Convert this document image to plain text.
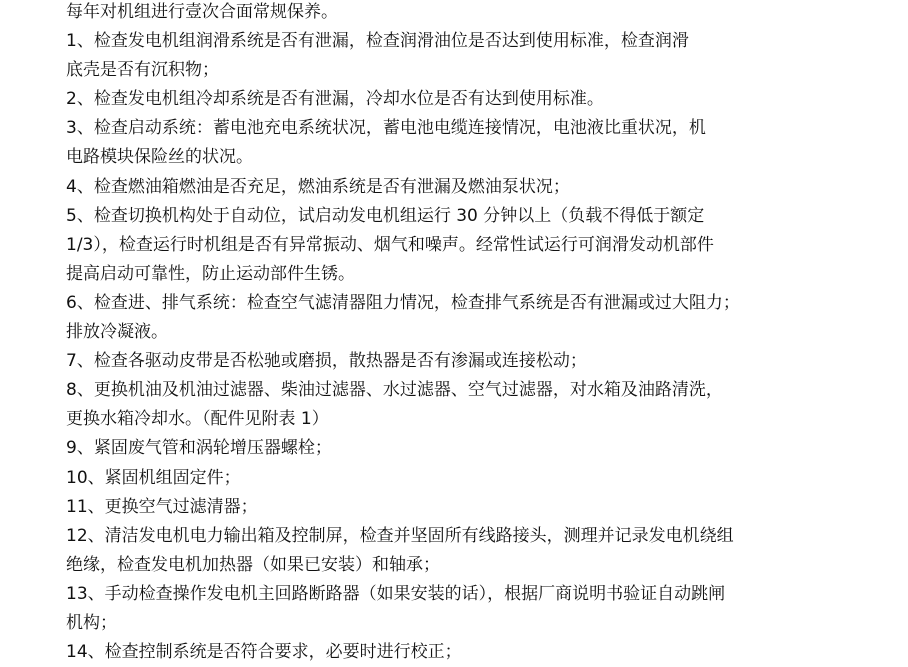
每年对机组进行壹次合面常规保养。
1、检查发电机组润滑系统是否有泄漏，检查润滑油位是否达到使用标准，检查润滑
底壳是否有沉积物；
2、检查发电机组冷却系统是否有泄漏，冷却水位是否有达到使用标准。
3、检查启动系统：蓄电池充电系统状况，蓄电池电缆连接情况，电池液比重状况，机
电路模块保险丝的状况。
4、检查燃油箱燃油是否充足，燃油系统是否有泄漏及燃油泵状况；
5、检查切换机构处于自动位，试启动发电机组运行 30 分钟以上（负载不得低于额定
1/3），检查运行时机组是否有异常振动、烟气和噪声。经常性试运行可润滑发动机部件
提高启动可靠性，防止运动部件生锈。
6、检查进、排气系统：检查空气滤清器阻力情况，检查排气系统是否有泄漏或过大阻力；
排放冷凝液。
7、检查各驱动皮带是否松驰或磨损，散热器是否有渗漏或连接松动；
8、更换机油及机油过滤器、柴油过滤器、水过滤器、空气过滤器，对水箱及油路清洗，
更换水箱冷却水。（配件见附表 1）
9、紧固废气管和涡轮增压器螺栓；
10、紧固机组固定件；
11、更换空气过滤清器；
12、清洁发电机电力输出箱及控制屏，检查并坚固所有线路接头，测理并记录发电机绕组
绝缘，检查发电机加热器（如果已安装）和轴承；
13、手动检查操作发电机主回路断路器（如果安装的话），根据厂商说明书验证自动跳闸
机构；
14、检查控制系统是否符合要求，必要时进行校正；
